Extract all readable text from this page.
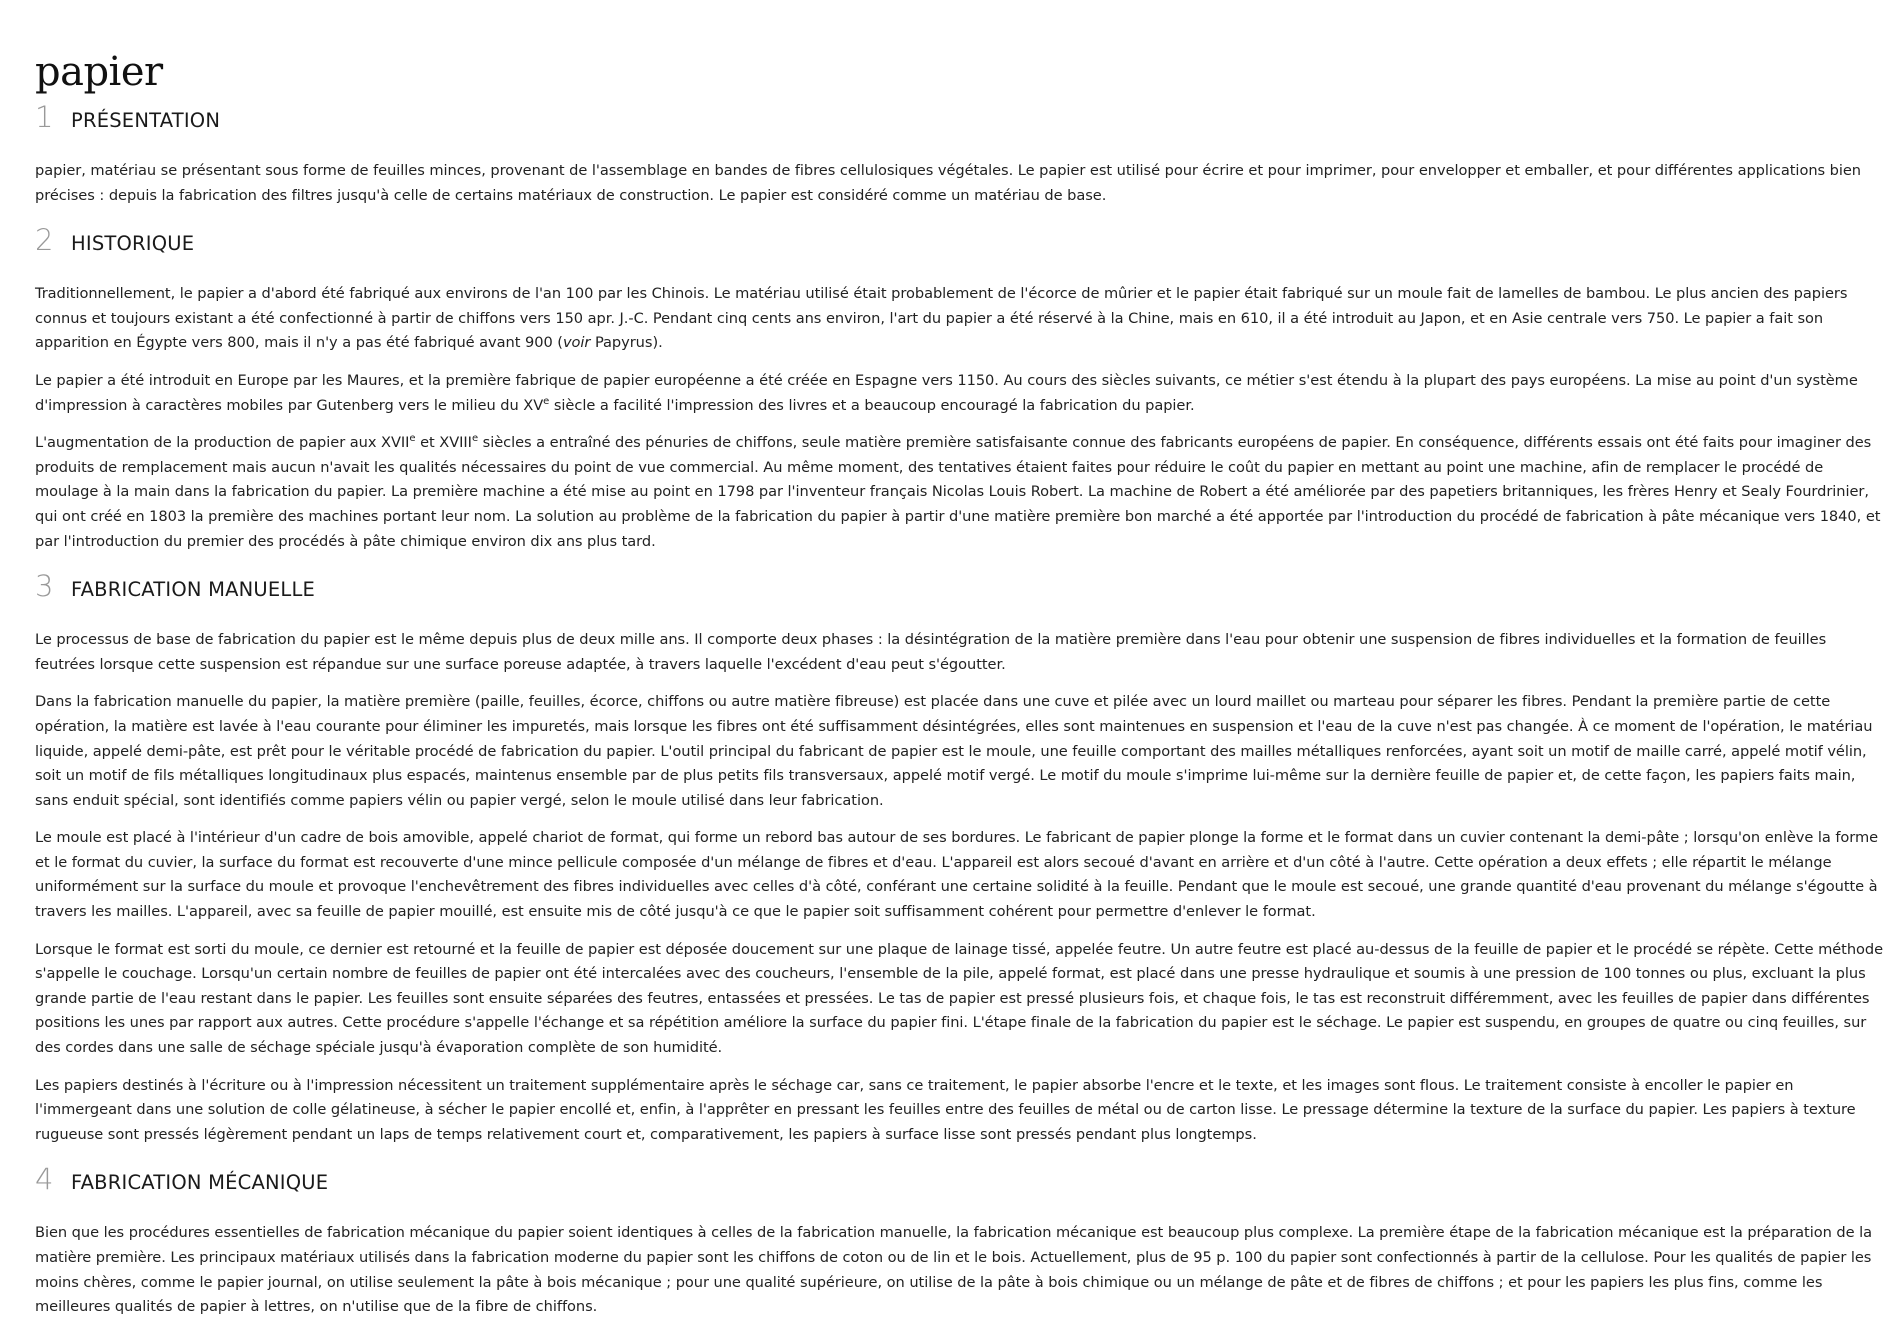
papier
1 PRÉSENTATION

papier, matériau se présentant sous forme de feuilles minces, provenant de l'assemblage en bandes de fibres cellulosiques végétales. Le papier est utilisé pour écrire et pour imprimer, pour envelopper et emballer, et pour différentes applications bien précises : depuis la fabrication des filtres jusqu'à celle de certains matériaux de construction. Le papier est considéré comme un matériau de base.

2 HISTORIQUE

Traditionnellement, le papier a d'abord été fabriqué aux environs de l'an 100 par les Chinois. Le matériau utilisé était probablement de l'écorce de mûrier et le papier était fabriqué sur un moule fait de lamelles de bambou. Le plus ancien des papiers connus et toujours existant a été confectionné à partir de chiffons vers 150 apr. J.-C. Pendant cinq cents ans environ, l'art du papier a été réservé à la Chine, mais en 610, il a été introduit au Japon, et en Asie centrale vers 750. Le papier a fait son apparition en Égypte vers 800, mais il n'y a pas été fabriqué avant 900 (voir Papyrus).

Le papier a été introduit en Europe par les Maures, et la première fabrique de papier européenne a été créée en Espagne vers 1150. Au cours des siècles suivants, ce métier s'est étendu à la plupart des pays européens. La mise au point d'un système d'impression à caractères mobiles par Gutenberg vers le milieu du XVe siècle a facilité l'impression des livres et a beaucoup encouragé la fabrication du papier.

L'augmentation de la production de papier aux XVIIe et XVIIIe siècles a entraîné des pénuries de chiffons, seule matière première satisfaisante connue des fabricants européens de papier. En conséquence, différents essais ont été faits pour imaginer des produits de remplacement mais aucun n'avait les qualités nécessaires du point de vue commercial. Au même moment, des tentatives étaient faites pour réduire le coût du papier en mettant au point une machine, afin de remplacer le procédé de moulage à la main dans la fabrication du papier. La première machine a été mise au point en 1798 par l'inventeur français Nicolas Louis Robert. La machine de Robert a été améliorée par des papetiers britanniques, les frères Henry et Sealy Fourdrinier, qui ont créé en 1803 la première des machines portant leur nom. La solution au problème de la fabrication du papier à partir d'une matière première bon marché a été apportée par l'introduction du procédé de fabrication à pâte mécanique vers 1840, et par l'introduction du premier des procédés à pâte chimique environ dix ans plus tard.

3 FABRICATION MANUELLE

Le processus de base de fabrication du papier est le même depuis plus de deux mille ans. Il comporte deux phases : la désintégration de la matière première dans l'eau pour obtenir une suspension de fibres individuelles et la formation de feuilles feutrées lorsque cette suspension est répandue sur une surface poreuse adaptée, à travers laquelle l'excédent d'eau peut s'égoutter.

Dans la fabrication manuelle du papier, la matière première (paille, feuilles, écorce, chiffons ou autre matière fibreuse) est placée dans une cuve et pilée avec un lourd maillet ou marteau pour séparer les fibres. Pendant la première partie de cette opération, la matière est lavée à l'eau courante pour éliminer les impuretés, mais lorsque les fibres ont été suffisamment désintégrées, elles sont maintenues en suspension et l'eau de la cuve n'est pas changée. À ce moment de l'opération, le matériau liquide, appelé demi-pâte, est prêt pour le véritable procédé de fabrication du papier. L'outil principal du fabricant de papier est le moule, une feuille comportant des mailles métalliques renforcées, ayant soit un motif de maille carré, appelé motif vélin, soit un motif de fils métalliques longitudinaux plus espacés, maintenus ensemble par de plus petits fils transversaux, appelé motif vergé. Le motif du moule s'imprime lui-même sur la dernière feuille de papier et, de cette façon, les papiers faits main, sans enduit spécial, sont identifiés comme papiers vélin ou papier vergé, selon le moule utilisé dans leur fabrication.

Le moule est placé à l'intérieur d'un cadre de bois amovible, appelé chariot de format, qui forme un rebord bas autour de ses bordures. Le fabricant de papier plonge la forme et le format dans un cuvier contenant la demi-pâte ; lorsqu'on enlève la forme et le format du cuvier, la surface du format est recouverte d'une mince pellicule composée d'un mélange de fibres et d'eau. L'appareil est alors secoué d'avant en arrière et d'un côté à l'autre. Cette opération a deux effets ; elle répartit le mélange uniformément sur la surface du moule et provoque l'enchevêtrement des fibres individuelles avec celles d'à côté, conférant une certaine solidité à la feuille. Pendant que le moule est secoué, une grande quantité d'eau provenant du mélange s'égoutte à travers les mailles. L'appareil, avec sa feuille de papier mouillé, est ensuite mis de côté jusqu'à ce que le papier soit suffisamment cohérent pour permettre d'enlever le format.

Lorsque le format est sorti du moule, ce dernier est retourné et la feuille de papier est déposée doucement sur une plaque de lainage tissé, appelée feutre. Un autre feutre est placé au-dessus de la feuille de papier et le procédé se répète. Cette méthode s'appelle le couchage. Lorsqu'un certain nombre de feuilles de papier ont été intercalées avec des coucheurs, l'ensemble de la pile, appelé format, est placé dans une presse hydraulique et soumis à une pression de 100 tonnes ou plus, excluant la plus grande partie de l'eau restant dans le papier. Les feuilles sont ensuite séparées des feutres, entassées et pressées. Le tas de papier est pressé plusieurs fois, et chaque fois, le tas est reconstruit différemment, avec les feuilles de papier dans différentes positions les unes par rapport aux autres. Cette procédure s'appelle l'échange et sa répétition améliore la surface du papier fini. L'étape finale de la fabrication du papier est le séchage. Le papier est suspendu, en groupes de quatre ou cinq feuilles, sur des cordes dans une salle de séchage spéciale jusqu'à évaporation complète de son humidité.

Les papiers destinés à l'écriture ou à l'impression nécessitent un traitement supplémentaire après le séchage car, sans ce traitement, le papier absorbe l'encre et le texte, et les images sont flous. Le traitement consiste à encoller le papier en l'immergeant dans une solution de colle gélatineuse, à sécher le papier encollé et, enfin, à l'apprêter en pressant les feuilles entre des feuilles de métal ou de carton lisse. Le pressage détermine la texture de la surface du papier. Les papiers à texture rugueuse sont pressés légèrement pendant un laps de temps relativement court et, comparativement, les papiers à surface lisse sont pressés pendant plus longtemps.

4 FABRICATION MÉCANIQUE

Bien que les procédures essentielles de fabrication mécanique du papier soient identiques à celles de la fabrication manuelle, la fabrication mécanique est beaucoup plus complexe. La première étape de la fabrication mécanique est la préparation de la matière première. Les principaux matériaux utilisés dans la fabrication moderne du papier sont les chiffons de coton ou de lin et le bois. Actuellement, plus de 95 p. 100 du papier sont confectionnés à partir de la cellulose. Pour les qualités de papier les moins chères, comme le papier journal, on utilise seulement la pâte à bois mécanique ; pour une qualité supérieure, on utilise de la pâte à bois chimique ou un mélange de pâte et de fibres de chiffons ; et pour les papiers les plus fins, comme les meilleures qualités de papier à lettres, on n'utilise que de la fibre de chiffons.
